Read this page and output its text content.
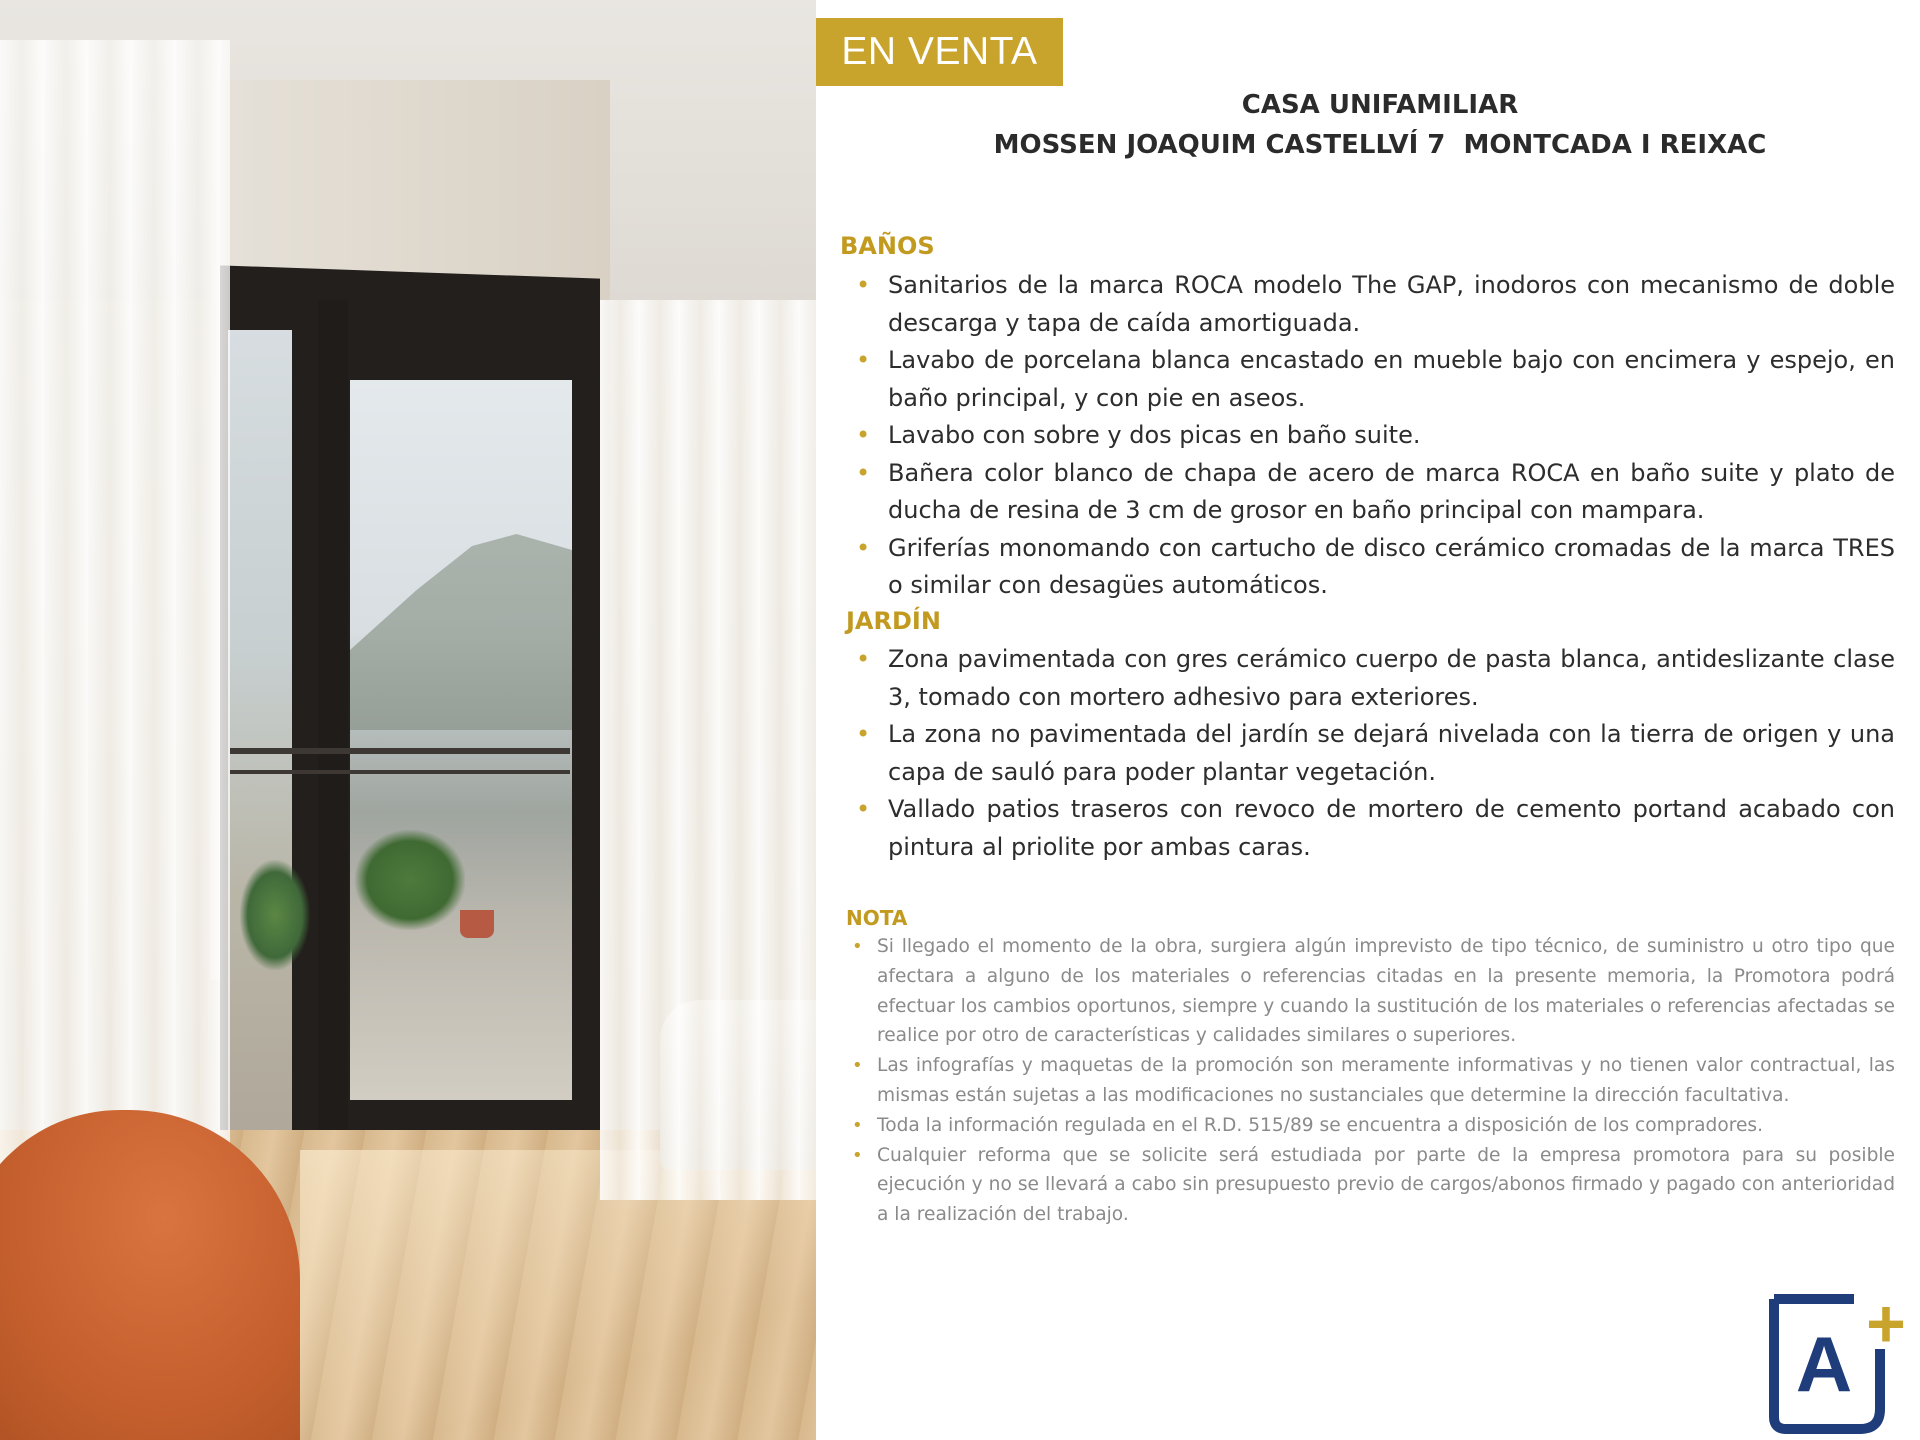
EN VENTA
CASA UNIFAMILIAR
MOSSEN JOAQUIM CASTELLVÍ 7  MONTCADA I REIXAC
BAÑOS
• Sanitarios de la marca ROCA modelo The GAP, inodoros con mecanismo de doble descarga y tapa de caída amortiguada.
• Lavabo de porcelana blanca encastado en mueble bajo con encimera y espejo, en baño principal, y con pie en aseos.
• Lavabo con sobre y dos picas en baño suite.
• Bañera color blanco de chapa de acero de marca ROCA en baño suite y plato de ducha de resina de 3 cm de grosor en baño principal con mampara.
• Griferías monomando con cartucho de disco cerámico cromadas de la marca TRES o similar con desagües automáticos.
JARDÍN
• Zona pavimentada con gres cerámico cuerpo de pasta blanca, antideslizante clase 3, tomado con mortero adhesivo para exteriores.
• La zona no pavimentada del jardín se dejará nivelada con la tierra de origen y una capa de sauló para poder plantar vegetación.
• Vallado patios traseros con revoco de mortero de cemento portand acabado con pintura al priolite por ambas caras.
NOTA
• Si llegado el momento de la obra, surgiera algún imprevisto de tipo técnico, de suministro u otro tipo que afectara a alguno de los materiales o referencias citadas en la presente memoria, la Promotora podrá efectuar los cambios oportunos, siempre y cuando la sustitución de los materiales o referencias afectadas se realice por otro de características y calidades similares o superiores.
• Las infografías y maquetas de la promoción son meramente informativas y no tienen valor contractual, las mismas están sujetas a las modificaciones no sustanciales que determine la dirección facultativa.
• Toda la información regulada en el R.D. 515/89 se encuentra a disposición de los compradores.
• Cualquier reforma que se solicite será estudiada por parte de la empresa promotora para su posible ejecución y no se llevará a cabo sin presupuesto previo de cargos/abonos firmado y pagado con anterioridad a la realización del trabajo.
A +
